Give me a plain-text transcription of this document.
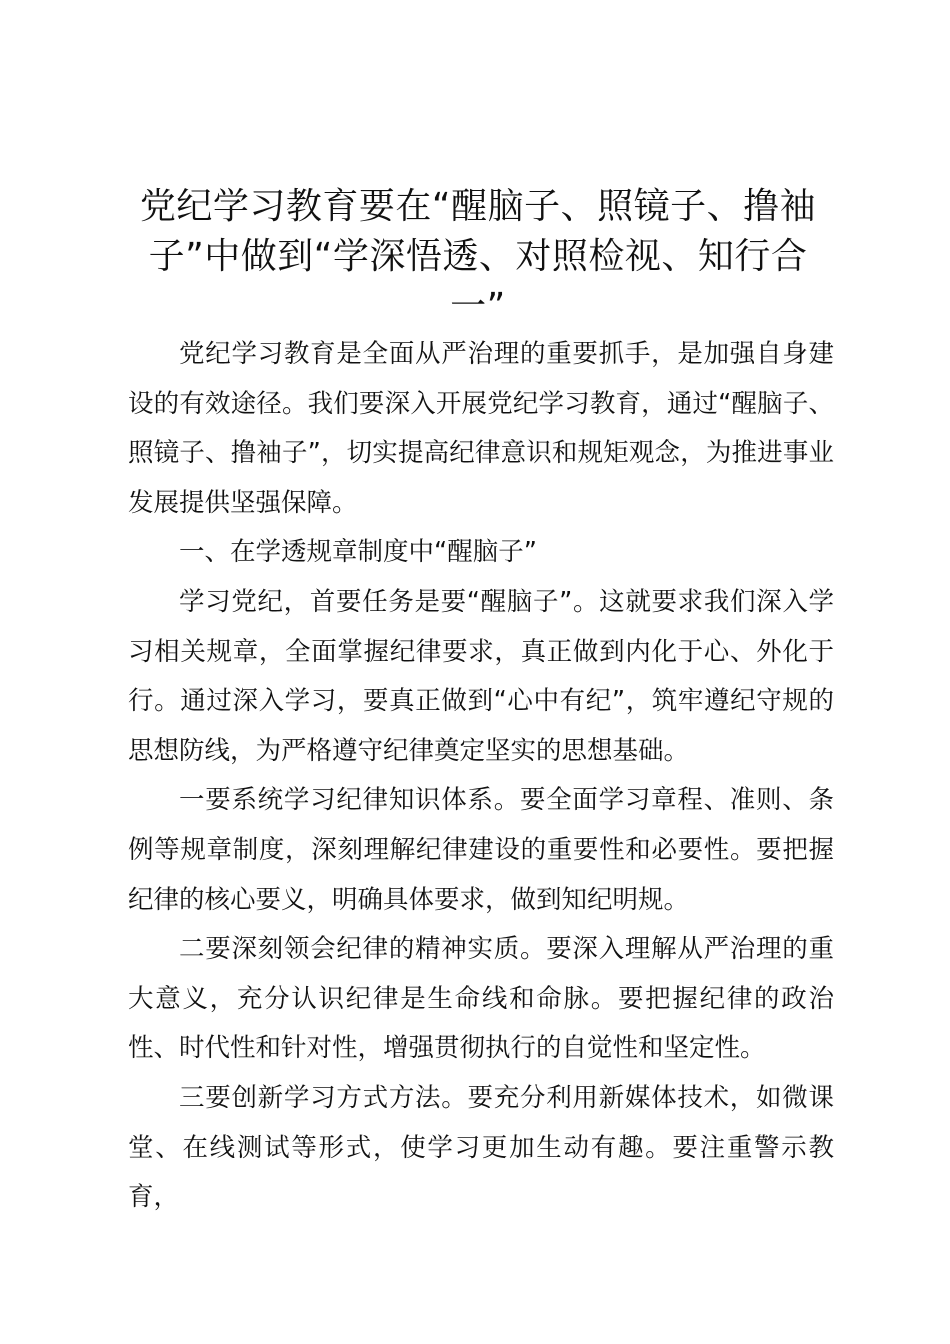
党纪学习教育要在“醒脑子、照镜子、撸袖子”中做到“学深悟透、对照检视、知行合一”

党纪学习教育是全面从严治理的重要抓手，是加强自身建设的有效途径。我们要深入开展党纪学习教育，通过“醒脑子、照镜子、撸袖子”，切实提高纪律意识和规矩观念，为推进事业发展提供坚强保障。

一、在学透规章制度中“醒脑子”

学习党纪，首要任务是要“醒脑子”。这就要求我们深入学习相关规章，全面掌握纪律要求，真正做到内化于心、外化于行。通过深入学习，要真正做到“心中有纪”，筑牢遵纪守规的思想防线，为严格遵守纪律奠定坚实的思想基础。

一要系统学习纪律知识体系。要全面学习章程、准则、条例等规章制度，深刻理解纪律建设的重要性和必要性。要把握纪律的核心要义，明确具体要求，做到知纪明规。

二要深刻领会纪律的精神实质。要深入理解从严治理的重大意义，充分认识纪律是生命线和命脉。要把握纪律的政治性、时代性和针对性，增强贯彻执行的自觉性和坚定性。

三要创新学习方式方法。要充分利用新媒体技术，如微课堂、在线测试等形式，使学习更加生动有趣。要注重警示教育，
